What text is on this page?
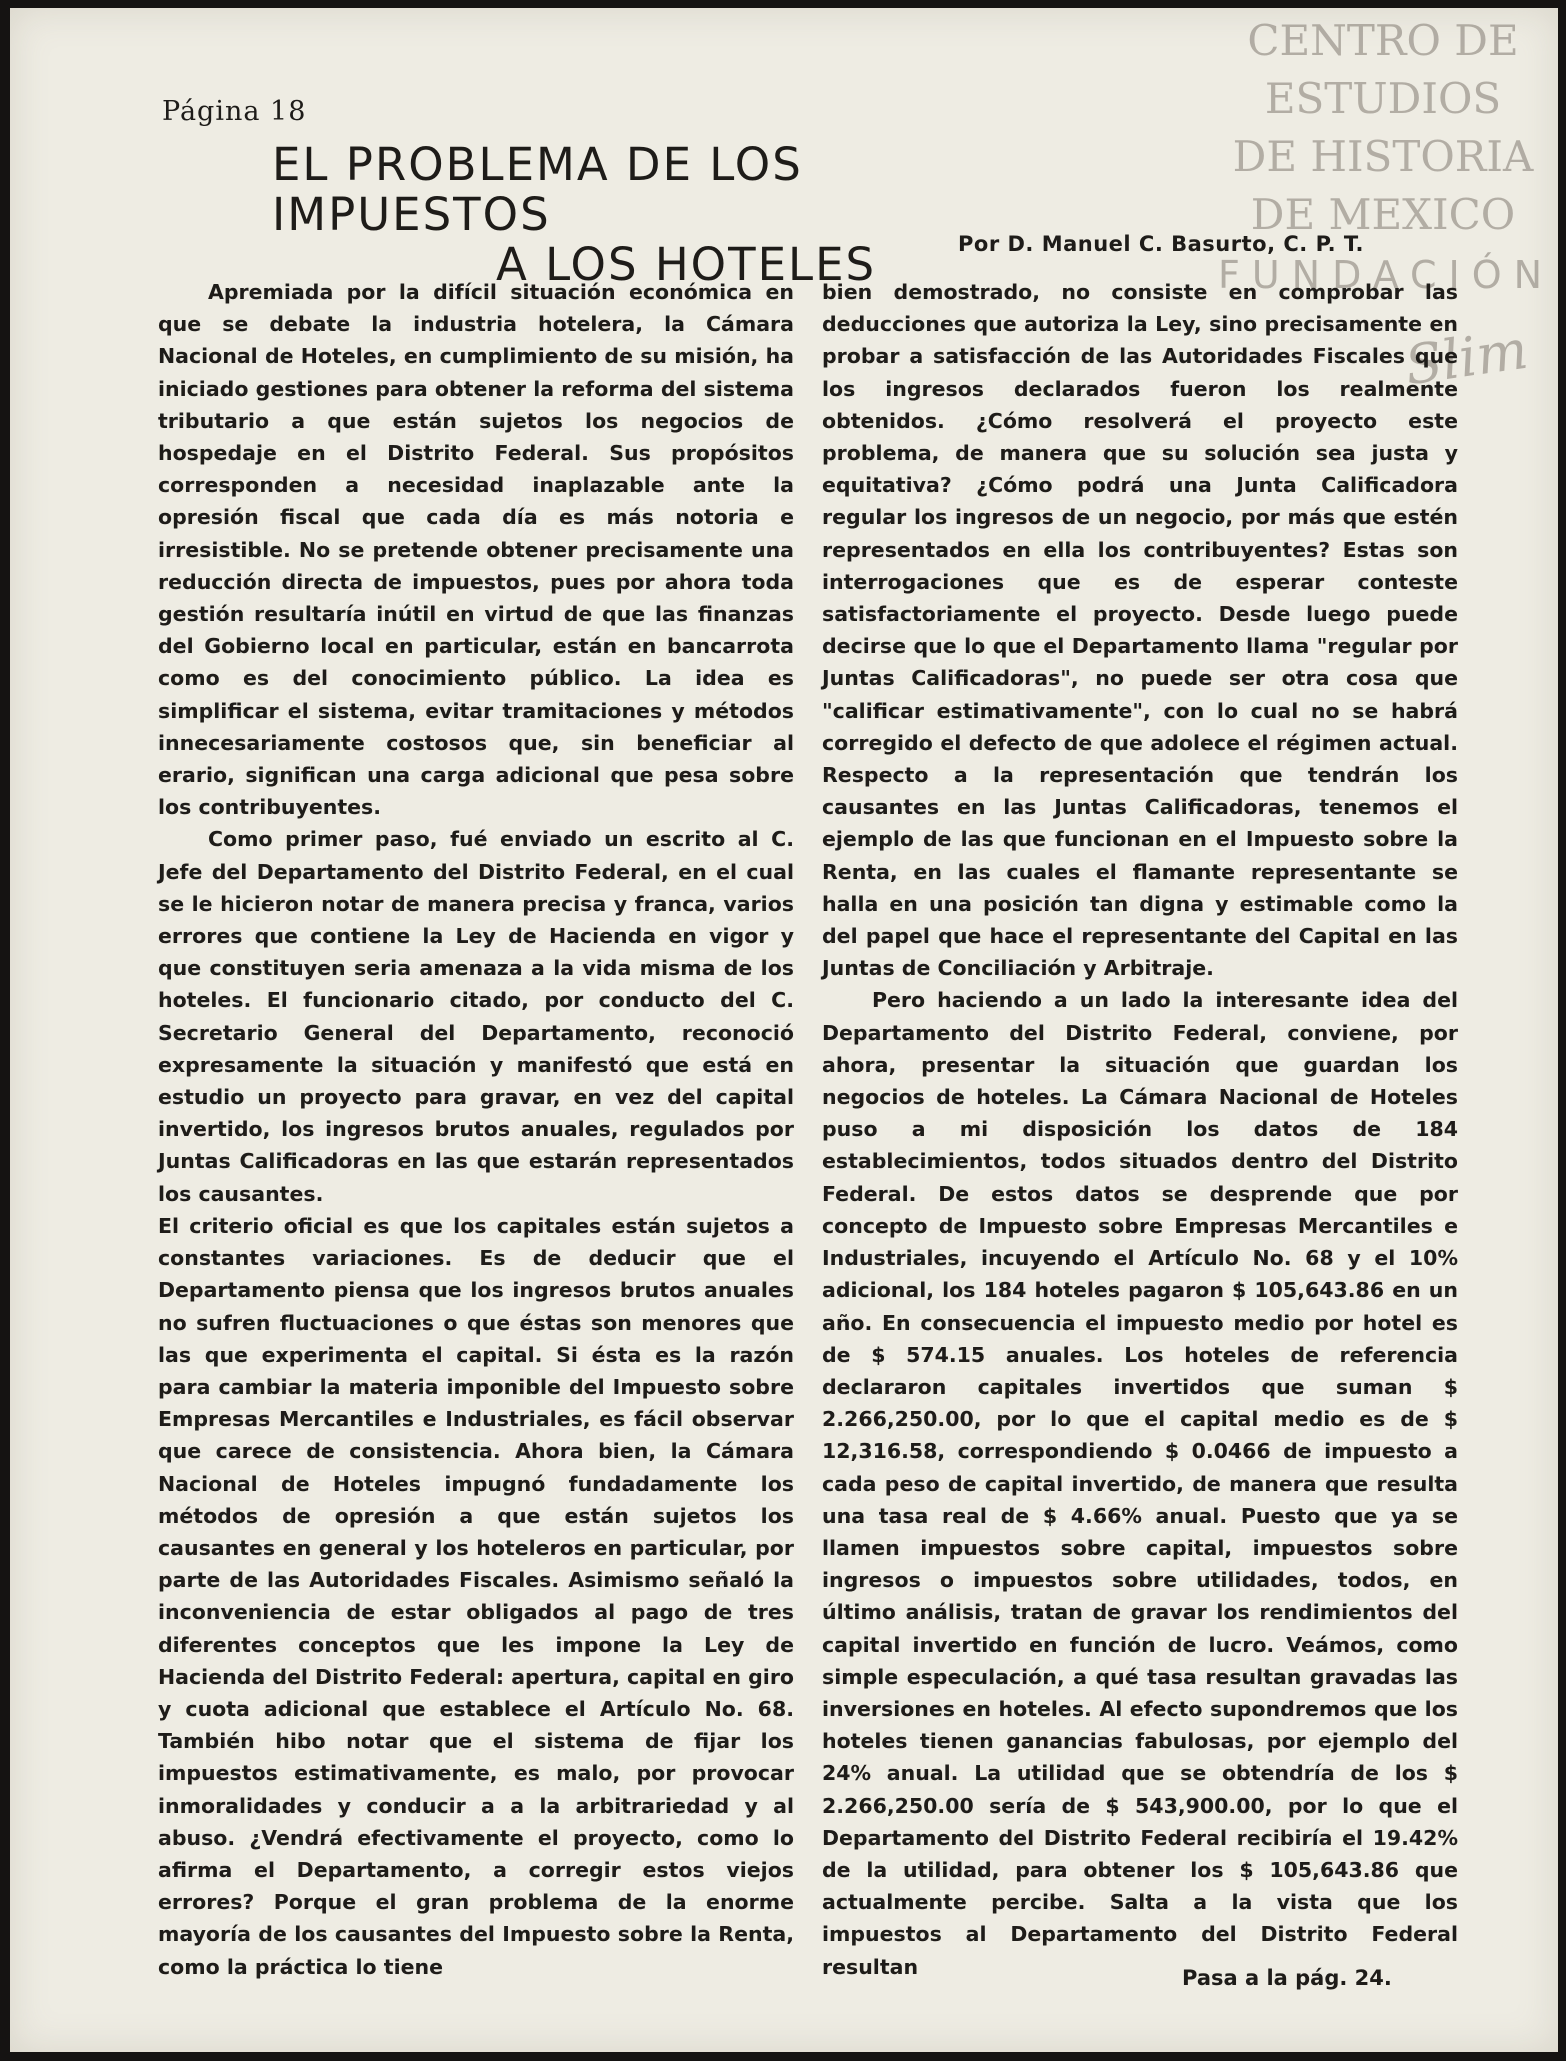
CENTRO DE
ESTUDIOS
DE HISTORIA
DE MEXICO
FUNDACIÓN
Slim
Página 18
EL PROBLEMA DE LOS IMPUESTOS
A LOS HOTELES	Por D. Manuel C. Basurto, C. P. T.

Apremiada por la difícil situación económica en que se debate la industria hotelera, la Cámara Nacional de Hoteles, en cumplimiento de su misión, ha iniciado gestiones para obtener la reforma del sistema tributario a que están sujetos los negocios de hospedaje en el Distrito Federal. Sus propósitos corresponden a necesidad inaplazable ante la opresión fiscal que cada día es más notoria e irresistible. No se pretende obtener precisamente una reducción directa de impuestos, pues por ahora toda gestión resultaría inútil en virtud de que las finanzas del Gobierno local en particular, están en bancarrota como es del conocimiento público. La idea es simplificar el sistema, evitar tramitaciones y métodos innecesariamente costosos que, sin beneficiar al erario, significan una carga adicional que pesa sobre los contribuyentes.

Como primer paso, fué enviado un escrito al C. Jefe del Departamento del Distrito Federal, en el cual se le hicieron notar de manera precisa y franca, varios errores que contiene la Ley de Hacienda en vigor y que constituyen seria amenaza a la vida misma de los hoteles. El funcionario citado, por conducto del C. Secretario General del Departamento, reconoció expresamente la situación y manifestó que está en estudio un proyecto para gravar, en vez del capital invertido, los ingresos brutos anuales, regulados por Juntas Calificadoras en las que estarán representados los causantes.

El criterio oficial es que los capitales están sujetos a constantes variaciones. Es de deducir que el Departamento piensa que los ingresos brutos anuales no sufren fluctuaciones o que éstas son menores que las que experimenta el capital. Si ésta es la razón para cambiar la materia imponible del Impuesto sobre Empresas Mercantiles e Industriales, es fácil observar que carece de consistencia. Ahora bien, la Cámara Nacional de Hoteles impugnó fundadamente los métodos de opresión a que están sujetos los causantes en general y los hoteleros en particular, por parte de las Autoridades Fiscales. Asimismo señaló la inconveniencia de estar obligados al pago de tres diferentes conceptos que les impone la Ley de Hacienda del Distrito Federal: apertura, capital en giro y cuota adicional que establece el Artículo No. 68. También hibo notar que el sistema de fijar los impuestos estimativamente, es malo, por provocar inmoralidades y conducir a a la arbitrariedad y al abuso. ¿Vendrá efectivamente el proyecto, como lo afirma el Departamento, a corregir estos viejos errores? Porque el gran problema de la enorme mayoría de los causantes del Impuesto sobre la Renta, como la práctica lo tiene

bien demostrado, no consiste en comprobar las deducciones que autoriza la Ley, sino precisamente en probar a satisfacción de las Autoridades Fiscales que los ingresos declarados fueron los realmente obtenidos. ¿Cómo resolverá el proyecto este problema, de manera que su solución sea justa y equitativa? ¿Cómo podrá una Junta Calificadora regular los ingresos de un negocio, por más que estén representados en ella los contribuyentes? Estas son interrogaciones que es de esperar conteste satisfactoriamente el proyecto. Desde luego puede decirse que lo que el Departamento llama "regular por Juntas Calificadoras", no puede ser otra cosa que "calificar estimativamente", con lo cual no se habrá corregido el defecto de que adolece el régimen actual. Respecto a la representación que tendrán los causantes en las Juntas Calificadoras, tenemos el ejemplo de las que funcionan en el Impuesto sobre la Renta, en las cuales el flamante representante se halla en una posición tan digna y estimable como la del papel que hace el representante del Capital en las Juntas de Conciliación y Arbitraje.

Pero haciendo a un lado la interesante idea del Departamento del Distrito Federal, conviene, por ahora, presentar la situación que guardan los negocios de hoteles. La Cámara Nacional de Hoteles puso a mi disposición los datos de 184 establecimientos, todos situados dentro del Distrito Federal. De estos datos se desprende que por concepto de Impuesto sobre Empresas Mercantiles e Industriales, incuyendo el Artículo No. 68 y el 10% adicional, los 184 hoteles pagaron $ 105,643.86 en un año. En consecuencia el impuesto medio por hotel es de $ 574.15 anuales. Los hoteles de referencia declararon capitales invertidos que suman $ 2.266,250.00, por lo que el capital medio es de $ 12,316.58, correspondiendo $ 0.0466 de impuesto a cada peso de capital invertido, de manera que resulta una tasa real de $ 4.66% anual. Puesto que ya se llamen impuestos sobre capital, impuestos sobre ingresos o impuestos sobre utilidades, todos, en último análisis, tratan de gravar los rendimientos del capital invertido en función de lucro. Veámos, como simple especulación, a qué tasa resultan gravadas las inversiones en hoteles. Al efecto supondremos que los hoteles tienen ganancias fabulosas, por ejemplo del 24% anual. La utilidad que se obtendría de los $ 2.266,250.00 sería de $ 543,900.00, por lo que el Departamento del Distrito Federal recibiría el 19.42% de la utilidad, para obtener los $ 105,643.86 que actualmente percibe. Salta a la vista que los impuestos al Departamento del Distrito Federal resultan	Pasa a la pág. 24.
